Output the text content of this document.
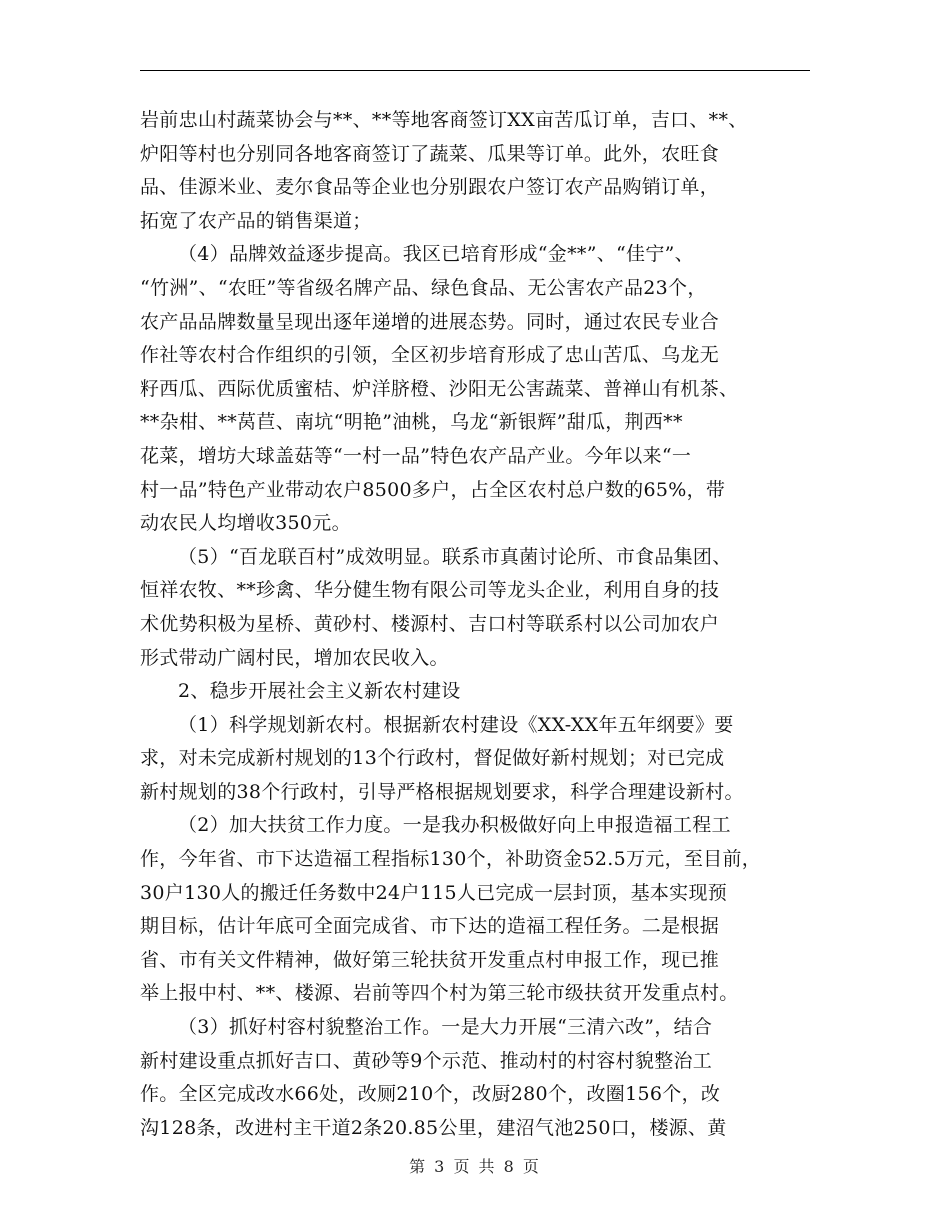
岩前忠山村蔬菜协会与**、**等地客商签订XX亩苦瓜订单，吉口、**、
炉阳等村也分别同各地客商签订了蔬菜、瓜果等订单。此外，农旺食
品、佳源米业、麦尔食品等企业也分别跟农户签订农产品购销订单，
拓宽了农产品的销售渠道；
（4）品牌效益逐步提高。我区已培育形成“金**”、“佳宁”、
“竹洲”、“农旺”等省级名牌产品、绿色食品、无公害农产品23个，
农产品品牌数量呈现出逐年递增的进展态势。同时，通过农民专业合
作社等农村合作组织的引领，全区初步培育形成了忠山苦瓜、乌龙无
籽西瓜、西际优质蜜桔、炉洋脐橙、沙阳无公害蔬菜、普禅山有机茶、
**杂柑、**莴苣、南坑“明艳”油桃，乌龙“新银辉”甜瓜，荆西**
花菜，增坊大球盖菇等“一村一品”特色农产品产业。今年以来“一
村一品”特色产业带动农户8500多户，占全区农村总户数的65%，带
动农民人均增收350元。
（5）“百龙联百村”成效明显。联系市真菌讨论所、市食品集团、
恒祥农牧、**珍禽、华分健生物有限公司等龙头企业，利用自身的技
术优势积极为星桥、黄砂村、楼源村、吉口村等联系村以公司加农户
形式带动广阔村民，增加农民收入。
2、稳步开展社会主义新农村建设
（1）科学规划新农村。根据新农村建设《XX-XX年五年纲要》要
求，对未完成新村规划的13个行政村，督促做好新村规划；对已完成
新村规划的38个行政村，引导严格根据规划要求，科学合理建设新村。
（2）加大扶贫工作力度。一是我办积极做好向上申报造福工程工
作，今年省、市下达造福工程指标130个，补助资金52.5万元，至目前，
30户130人的搬迁任务数中24户115人已完成一层封顶，基本实现预
期目标，估计年底可全面完成省、市下达的造福工程任务。二是根据
省、市有关文件精神，做好第三轮扶贫开发重点村申报工作，现已推
举上报中村、**、楼源、岩前等四个村为第三轮市级扶贫开发重点村。
（3）抓好村容村貌整治工作。一是大力开展“三清六改”，结合
新村建设重点抓好吉口、黄砂等9个示范、推动村的村容村貌整治工
作。全区完成改水66处，改厕210个，改厨280个，改圈156个，改
沟128条，改进村主干道2条20.85公里，建沼气池250口，楼源、黄
第 3 页 共 8 页
